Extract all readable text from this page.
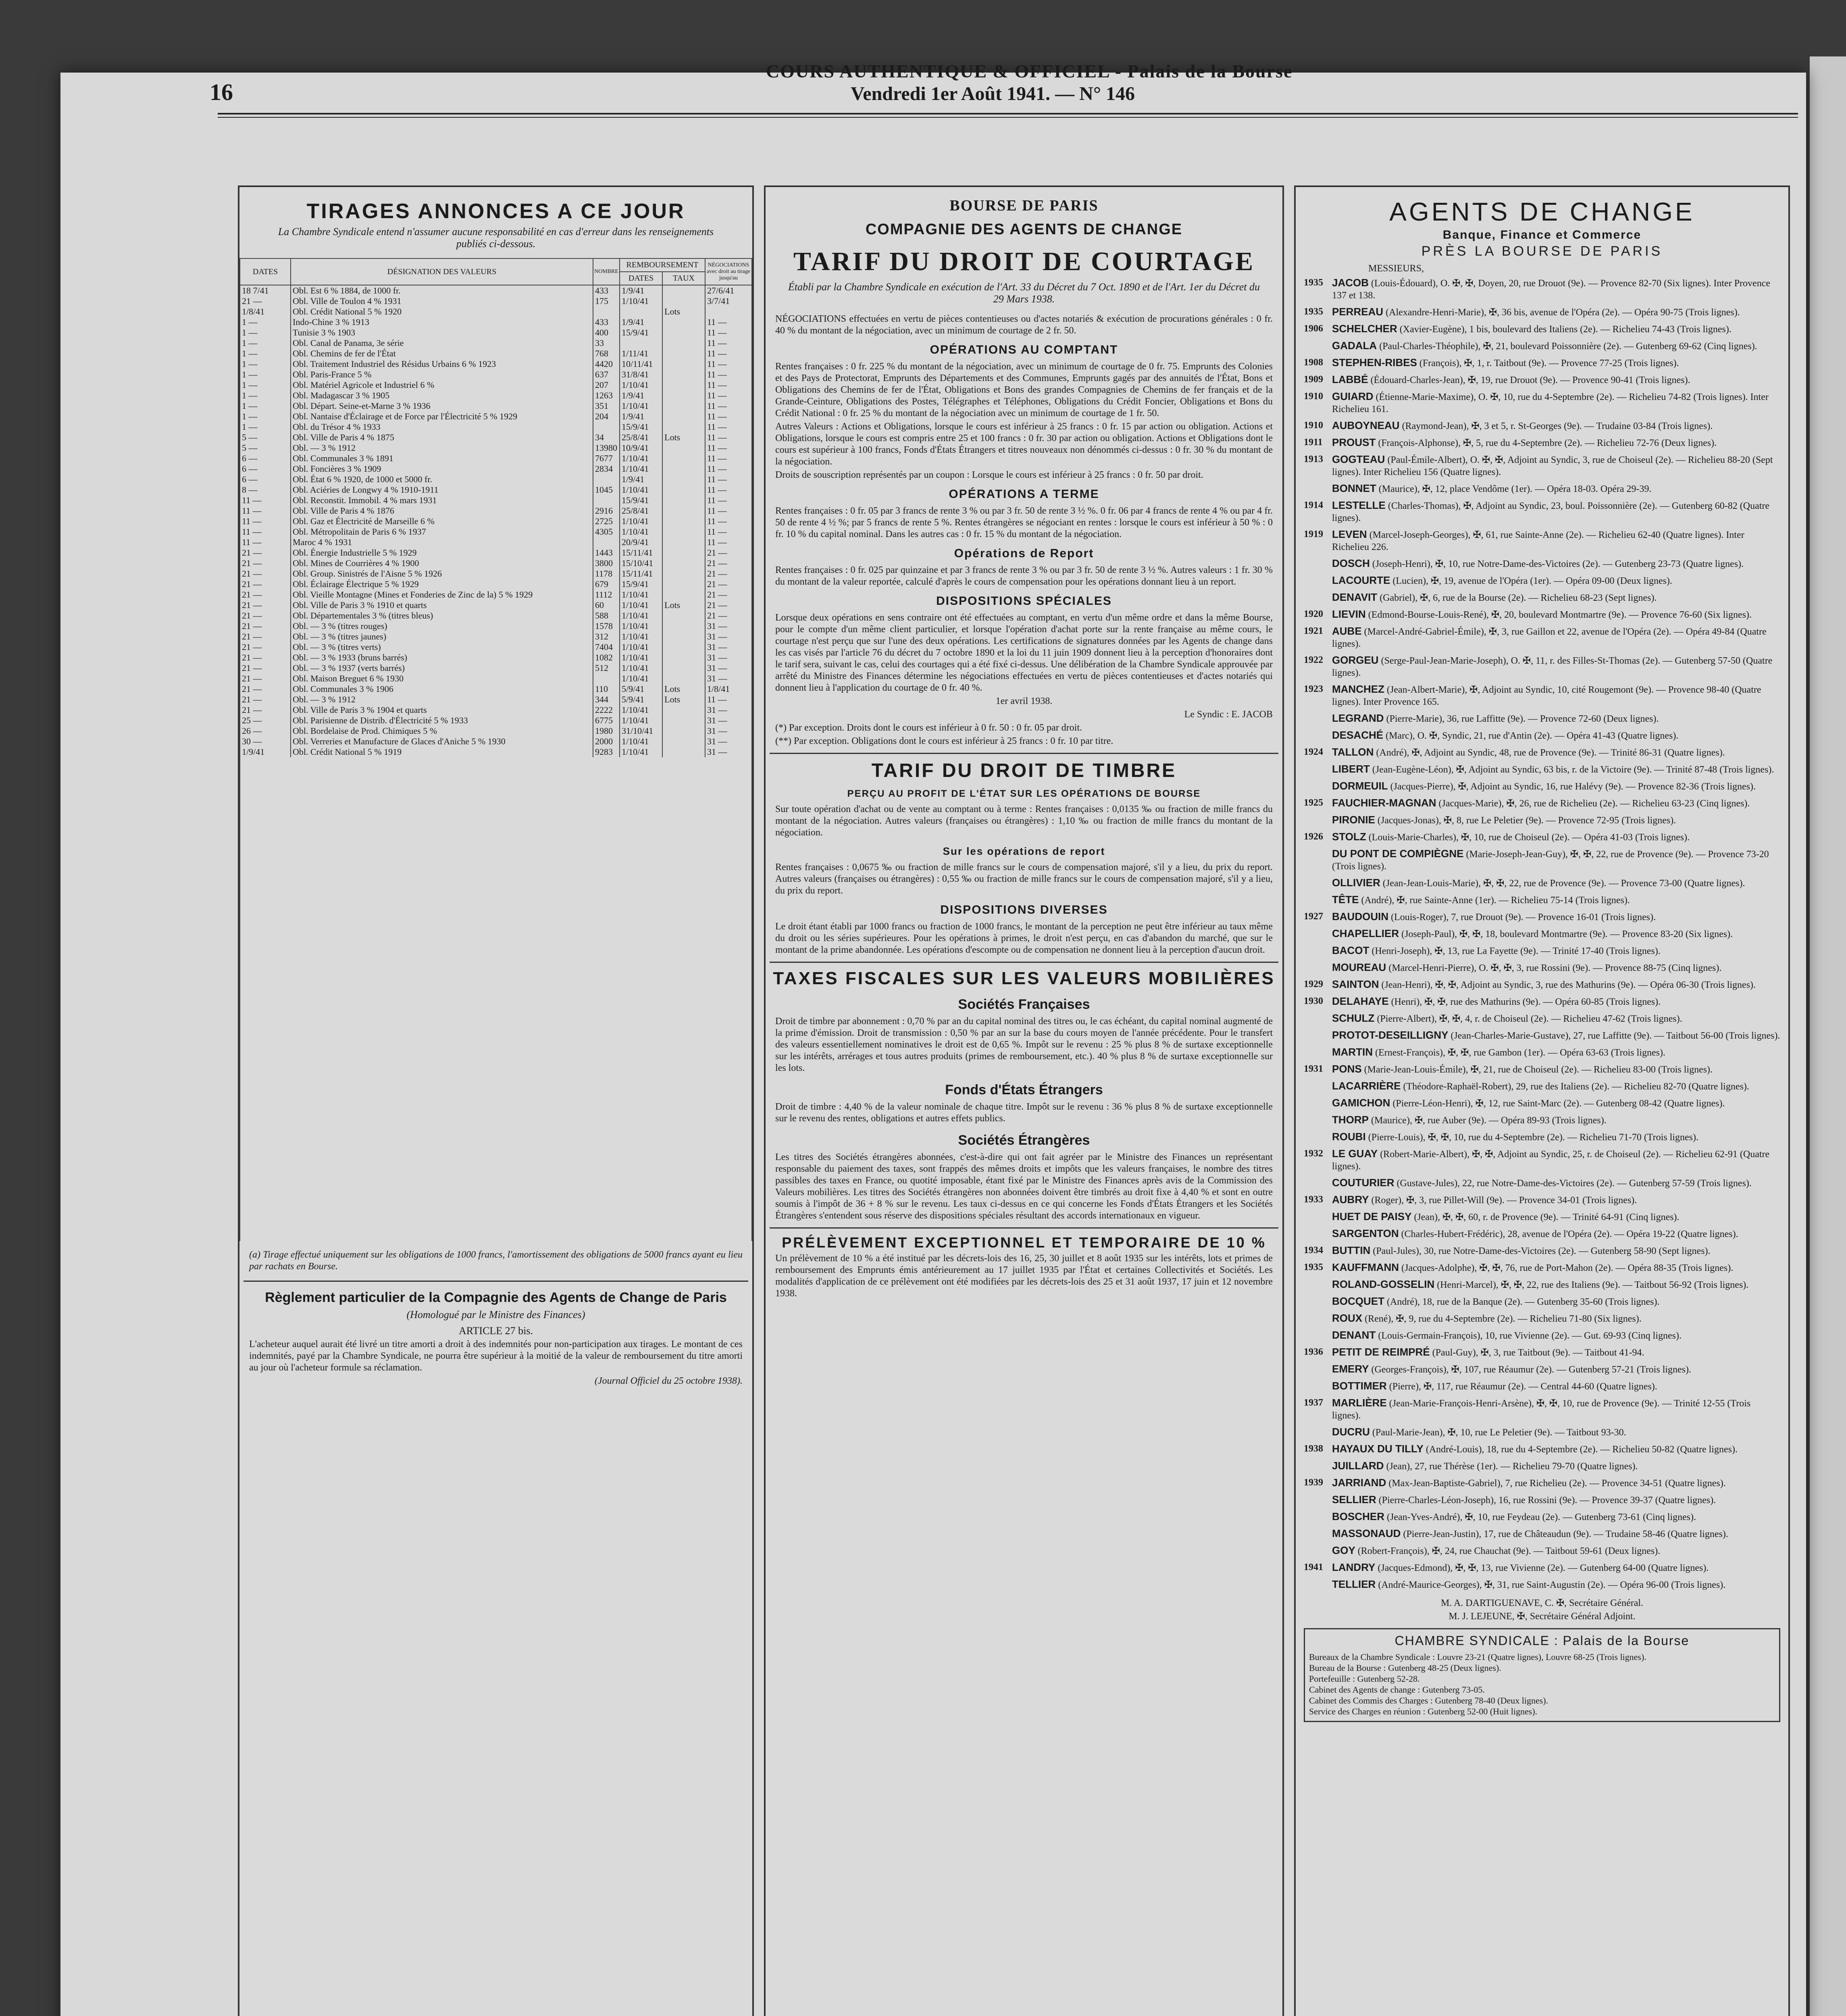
16
COURS AUTHENTIQUE & OFFICIEL - Palais de la Bourse
Vendredi 1er Août 1941. — N° 146
TIRAGES ANNONCES A CE JOUR
La Chambre Syndicale entend n'assumer aucune responsabilité en cas d'erreur dans les renseignements publiés ci-dessous.
DATES	DÉSIGNATION DES VALEURS	NOMBRE	REMBOURSEMENT		NÉGOCIATIONS avec droit au tirage jusqu'au
			DATES	TAUX	
18 7/41	Obl. Est 6 % 1884, de 1000 fr.	433	1/9/41		27/6/41
21 —	Obl. Ville de Toulon 4 % 1931	175	1/10/41		3/7/41
1/8/41	Obl. Crédit National 5 % 1920			Lots	
1 —	Indo-Chine 3 % 1913	433	1/9/41		11 —
1 —	Tunisie 3 % 1903	400	15/9/41		11 —
1 —	Obl. Canal de Panama, 3e série	33			11 —
1 —	Obl. Chemins de fer de l'État	768	1/11/41		11 —
1 —	Obl. Traitement Industriel des Résidus Urbains 6 % 1923	4420	10/11/41		11 —
1 —	Obl. Paris-France 5 %	637	31/8/41		11 —
1 —	Obl. Matériel Agricole et Industriel 6 %	207	1/10/41		11 —
1 —	Obl. Madagascar 3 % 1905	1263	1/9/41		11 —
1 —	Obl. Départ. Seine-et-Marne 3 % 1936	351	1/10/41		11 —
1 —	Obl. Nantaise d'Éclairage et de Force par l'Électricité 5 % 1929	204	1/9/41		11 —
1 —	Obl. du Trésor 4 % 1933		15/9/41		11 —
5 —	Obl. Ville de Paris 4 % 1875	34	25/8/41	Lots	11 —
5 —	Obl. — 3 % 1912	13980	10/9/41		11 —
6 —	Obl. Communales 3 % 1891	7677	1/10/41		11 —
6 —	Obl. Foncières 3 % 1909	2834	1/10/41		11 —
6 —	Obl. État 6 % 1920, de 1000 et 5000 fr.		1/9/41		11 —
8 —	Obl. Aciéries de Longwy 4 % 1910-1911	1045	1/10/41		11 —
11 —	Obl. Reconstit. Immobil. 4 % mars 1931		15/9/41		11 —
11 —	Obl. Ville de Paris 4 % 1876	2916	25/8/41		11 —
11 —	Obl. Gaz et Électricité de Marseille 6 %	2725	1/10/41		11 —
11 —	Obl. Métropolitain de Paris 6 % 1937	4305	1/10/41		11 —
11 —	Maroc 4 % 1931		20/9/41		11 —
21 —	Obl. Énergie Industrielle 5 % 1929	1443	15/11/41		21 —
21 —	Obl. Mines de Courrières 4 % 1900	3800	15/10/41		21 —
21 —	Obl. Group. Sinistrés de l'Aisne 5 % 1926	1178	15/11/41		21 —
21 —	Obl. Éclairage Électrique 5 % 1929	679	15/9/41		21 —
21 —	Obl. Vieille Montagne (Mines et Fonderies de Zinc de la) 5 % 1929	1112	1/10/41		21 —
21 —	Obl. Ville de Paris 3 % 1910 et quarts	60	1/10/41	Lots	21 —
21 —	Obl. Départementales 3 % (titres bleus)	588	1/10/41		21 —
21 —	Obl. — 3 % (titres rouges)	1578	1/10/41		31 —
21 —	Obl. — 3 % (titres jaunes)	312	1/10/41		31 —
21 —	Obl. — 3 % (titres verts)	7404	1/10/41		31 —
21 —	Obl. — 3 % 1933 (bruns barrés)	1082	1/10/41		31 —
21 —	Obl. — 3 % 1937 (verts barrés)	512	1/10/41		31 —
21 —	Obl. Maison Breguet 6 % 1930		1/10/41		31 —
21 —	Obl. Communales 3 % 1906	110	5/9/41	Lots	1/8/41
21 —	Obl. — 3 % 1912	344	5/9/41	Lots	11 —
21 —	Obl. Ville de Paris 3 % 1904 et quarts	2222	1/10/41		31 —
25 —	Obl. Parisienne de Distrib. d'Électricité 5 % 1933	6775	1/10/41		31 —
26 —	Obl. Bordelaise de Prod. Chimiques 5 %	1980	31/10/41		31 —
30 —	Obl. Verreries et Manufacture de Glaces d'Aniche 5 % 1930	2000	1/10/41		31 —
1/9/41	Obl. Crédit National 5 % 1919	9283	1/10/41		31 —
(a) Tirage effectué uniquement sur les obligations de 1000 francs, l'amortissement des obligations de 5000 francs ayant eu lieu par rachats en Bourse.
Règlement particulier de la Compagnie des Agents de Change de Paris
(Homologué par le Ministre des Finances)
ARTICLE 27 bis.
L'acheteur auquel aurait été livré un titre amorti a droit à des indemnités pour non-participation aux tirages. Le montant de ces indemnités, payé par la Chambre Syndicale, ne pourra être supérieur à la moitié de la valeur de remboursement du titre amorti au jour où l'acheteur formule sa réclamation.
(Journal Officiel du 25 octobre 1938).
BOURSE DE PARIS
COMPAGNIE DES AGENTS DE CHANGE
TARIF DU DROIT DE COURTAGE
Établi par la Chambre Syndicale en exécution de l'Art. 33 du Décret du 7 Oct. 1890 et de l'Art. 1er du Décret du 29 Mars 1938.
NÉGOCIATIONS effectuées en vertu de pièces contentieuses ou d'actes notariés & exécution de procurations générales : 0 fr. 40 % du montant de la négociation, avec un minimum de courtage de 2 fr. 50.
OPÉRATIONS AU COMPTANT
Rentes françaises : 0 fr. 225 % du montant de la négociation, avec un minimum de courtage de 0 fr. 75. Emprunts des Colonies et des Pays de Protectorat, Emprunts des Départements et des Communes, Emprunts gagés par des annuités de l'État, Bons et Obligations des Chemins de fer de l'État, Obligations et Bons des grandes Compagnies de Chemins de fer français et de la Grande-Ceinture, Obligations des Postes, Télégraphes et Téléphones, Obligations du Crédit Foncier, Obligations et Bons du Crédit National : 0 fr. 25 % du montant de la négociation avec un minimum de courtage de 1 fr. 50.
Autres Valeurs : Actions et Obligations, lorsque le cours est inférieur à 25 francs : 0 fr. 15 par action ou obligation. Actions et Obligations, lorsque le cours est compris entre 25 et 100 francs : 0 fr. 30 par action ou obligation. Actions et Obligations dont le cours est supérieur à 100 francs, Fonds d'États Étrangers et titres nouveaux non dénommés ci-dessus : 0 fr. 30 % du montant de la négociation.
Droits de souscription représentés par un coupon : Lorsque le cours est inférieur à 25 francs : 0 fr. 50 par droit.
OPÉRATIONS A TERME
Rentes françaises : 0 fr. 05 par 3 francs de rente 3 % ou par 3 fr. 50 de rente 3 ½ %. 0 fr. 06 par 4 francs de rente 4 % ou par 4 fr. 50 de rente 4 ½ %; par 5 francs de rente 5 %. Rentes étrangères se négociant en rentes : lorsque le cours est inférieur à 50 % : 0 fr. 10 % du capital nominal. Dans les autres cas : 0 fr. 15 % du montant de la négociation.
Opérations de Report
Rentes françaises : 0 fr. 025 par quinzaine et par 3 francs de rente 3 % ou par 3 fr. 50 de rente 3 ½ %. Autres valeurs : 1 fr. 30 % du montant de la valeur reportée, calculé d'après le cours de compensation pour les opérations donnant lieu à un report.
DISPOSITIONS SPÉCIALES
Lorsque deux opérations en sens contraire ont été effectuées au comptant, en vertu d'un même ordre et dans la même Bourse, pour le compte d'un même client particulier, et lorsque l'opération d'achat porte sur la rente française au même cours, le courtage n'est perçu que sur l'une des deux opérations. Les certifications de signatures données par les Agents de change dans les cas visés par l'article 76 du décret du 7 octobre 1890 et la loi du 11 juin 1909 donnent lieu à la perception d'honoraires dont le tarif sera, suivant le cas, celui des courtages qui a été fixé ci-dessus. Une délibération de la Chambre Syndicale approuvée par arrêté du Ministre des Finances détermine les négociations effectuées en vertu de pièces contentieuses et d'actes notariés qui donnent lieu à l'application du courtage de 0 fr. 40 %.
1er avril 1938.
Le Syndic : E. JACOB
(*) Par exception. Droits dont le cours est inférieur à 0 fr. 50 : 0 fr. 05 par droit.
(**) Par exception. Obligations dont le cours est inférieur à 25 francs : 0 fr. 10 par titre.
TARIF DU DROIT DE TIMBRE
PERÇU AU PROFIT DE L'ÉTAT SUR LES OPÉRATIONS DE BOURSE
Sur toute opération d'achat ou de vente au comptant ou à terme : Rentes françaises : 0,0135 ‰ ou fraction de mille francs du montant de la négociation. Autres valeurs (françaises ou étrangères) : 1,10 ‰ ou fraction de mille francs du montant de la négociation.
Sur les opérations de report
Rentes françaises : 0,0675 ‰ ou fraction de mille francs sur le cours de compensation majoré, s'il y a lieu, du prix du report. Autres valeurs (françaises ou étrangères) : 0,55 ‰ ou fraction de mille francs sur le cours de compensation majoré, s'il y a lieu, du prix du report.
DISPOSITIONS DIVERSES
Le droit étant établi par 1000 francs ou fraction de 1000 francs, le montant de la perception ne peut être inférieur au taux même du droit ou les séries supérieures. Pour les opérations à primes, le droit n'est perçu, en cas d'abandon du marché, que sur le montant de la prime abandonnée. Les opérations d'escompte ou de compensation ne donnent lieu à la perception d'aucun droit.
TAXES FISCALES SUR LES VALEURS MOBILIÈRES
Sociétés Françaises
Droit de timbre par abonnement : 0,70 % par an du capital nominal des titres ou, le cas échéant, du capital nominal augmenté de la prime d'émission. Droit de transmission : 0,50 % par an sur la base du cours moyen de l'année précédente. Pour le transfert des valeurs essentiellement nominatives le droit est de 0,65 %. Impôt sur le revenu : 25 % plus 8 % de surtaxe exceptionnelle sur les intérêts, arrérages et tous autres produits (primes de remboursement, etc.). 40 % plus 8 % de surtaxe exceptionnelle sur les lots.
Fonds d'États Étrangers
Droit de timbre : 4,40 % de la valeur nominale de chaque titre. Impôt sur le revenu : 36 % plus 8 % de surtaxe exceptionnelle sur le revenu des rentes, obligations et autres effets publics.
Sociétés Étrangères
Les titres des Sociétés étrangères abonnées, c'est-à-dire qui ont fait agréer par le Ministre des Finances un représentant responsable du paiement des taxes, sont frappés des mêmes droits et impôts que les valeurs françaises, le nombre des titres passibles des taxes en France, ou quotité imposable, étant fixé par le Ministre des Finances après avis de la Commission des Valeurs mobilières. Les titres des Sociétés étrangères non abonnées doivent être timbrés au droit fixe à 4,40 % et sont en outre soumis à l'impôt de 36 + 8 % sur le revenu. Les taux ci-dessus en ce qui concerne les Fonds d'États Étrangers et les Sociétés Étrangères s'entendent sous réserve des dispositions spéciales résultant des accords internationaux en vigueur.
PRÉLÈVEMENT EXCEPTIONNEL ET TEMPORAIRE DE 10 %
Un prélèvement de 10 % a été institué par les décrets-lois des 16, 25, 30 juillet et 8 août 1935 sur les intérêts, lots et primes de remboursement des Emprunts émis antérieurement au 17 juillet 1935 par l'État et certaines Collectivités et Sociétés. Les modalités d'application de ce prélèvement ont été modifiées par les décrets-lois des 25 et 31 août 1937, 17 juin et 12 novembre 1938.
AGENTS DE CHANGE
Banque, Finance et Commerce
PRÈS LA BOURSE DE PARIS
MESSIEURS,
1935 JACOB (Louis-Édouard), O. ✠, ✠, Doyen, 20, rue Drouot (9e). — Provence 82-70 (Six lignes). Inter Provence 137 et 138.
1935 PERREAU (Alexandre-Henri-Marie), ✠, 36 bis, avenue de l'Opéra (2e). — Opéra 90-75 (Trois lignes).
1906 SCHELCHER (Xavier-Eugène), 1 bis, boulevard des Italiens (2e). — Richelieu 74-43 (Trois lignes).
GADALA (Paul-Charles-Théophile), ✠, 21, boulevard Poissonnière (2e). — Gutenberg 69-62 (Cinq lignes).
1908 STEPHEN-RIBES (François), ✠, 1, r. Taitbout (9e). — Provence 77-25 (Trois lignes).
1909 LABBÉ (Édouard-Charles-Jean), ✠, 19, rue Drouot (9e). — Provence 90-41 (Trois lignes).
1910 GUIARD (Étienne-Marie-Maxime), O. ✠, 10, rue du 4-Septembre (2e). — Richelieu 74-82 (Trois lignes). Inter Richelieu 161.
1910 AUBOYNEAU (Raymond-Jean), ✠, 3 et 5, r. St-Georges (9e). — Trudaine 03-84 (Trois lignes).
1911 PROUST (François-Alphonse), ✠, 5, rue du 4-Septembre (2e). — Richelieu 72-76 (Deux lignes).
1913 GOGTEAU (Paul-Émile-Albert), O. ✠, ✠, Adjoint au Syndic, 3, rue de Choiseul (2e). — Richelieu 88-20 (Sept lignes). Inter Richelieu 156 (Quatre lignes).
BONNET (Maurice), ✠, 12, place Vendôme (1er). — Opéra 18-03. Opéra 29-39.
1914 LESTELLE (Charles-Thomas), ✠, Adjoint au Syndic, 23, boul. Poissonnière (2e). — Gutenberg 60-82 (Quatre lignes).
1919 LEVEN (Marcel-Joseph-Georges), ✠, 61, rue Sainte-Anne (2e). — Richelieu 62-40 (Quatre lignes). Inter Richelieu 226.
DOSCH (Joseph-Henri), ✠, 10, rue Notre-Dame-des-Victoires (2e). — Gutenberg 23-73 (Quatre lignes).
LACOURTE (Lucien), ✠, 19, avenue de l'Opéra (1er). — Opéra 09-00 (Deux lignes).
DENAVIT (Gabriel), ✠, 6, rue de la Bourse (2e). — Richelieu 68-23 (Sept lignes).
1920 LIEVIN (Edmond-Bourse-Louis-René), ✠, 20, boulevard Montmartre (9e). — Provence 76-60 (Six lignes).
1921 AUBE (Marcel-André-Gabriel-Émile), ✠, 3, rue Gaillon et 22, avenue de l'Opéra (2e). — Opéra 49-84 (Quatre lignes).
1922 GORGEU (Serge-Paul-Jean-Marie-Joseph), O. ✠, 11, r. des Filles-St-Thomas (2e). — Gutenberg 57-50 (Quatre lignes).
1923 MANCHEZ (Jean-Albert-Marie), ✠, Adjoint au Syndic, 10, cité Rougemont (9e). — Provence 98-40 (Quatre lignes). Inter Provence 165.
LEGRAND (Pierre-Marie), 36, rue Laffitte (9e). — Provence 72-60 (Deux lignes).
DESACHÉ (Marc), O. ✠, Syndic, 21, rue d'Antin (2e). — Opéra 41-43 (Quatre lignes).
1924 TALLON (André), ✠, Adjoint au Syndic, 48, rue de Provence (9e). — Trinité 86-31 (Quatre lignes).
LIBERT (Jean-Eugène-Léon), ✠, Adjoint au Syndic, 63 bis, r. de la Victoire (9e). — Trinité 87-48 (Trois lignes).
DORMEUIL (Jacques-Pierre), ✠, Adjoint au Syndic, 16, rue Halévy (9e). — Provence 82-36 (Trois lignes).
1925 FAUCHIER-MAGNAN (Jacques-Marie), ✠, 26, rue de Richelieu (2e). — Richelieu 63-23 (Cinq lignes).
PIRONIE (Jacques-Jonas), ✠, 8, rue Le Peletier (9e). — Provence 72-95 (Trois lignes).
1926 STOLZ (Louis-Marie-Charles), ✠, 10, rue de Choiseul (2e). — Opéra 41-03 (Trois lignes).
DU PONT DE COMPIÈGNE (Marie-Joseph-Jean-Guy), ✠, ✠, 22, rue de Provence (9e). — Provence 73-20 (Trois lignes).
OLLIVIER (Jean-Jean-Louis-Marie), ✠, ✠, 22, rue de Provence (9e). — Provence 73-00 (Quatre lignes).
TÊTE (André), ✠, rue Sainte-Anne (1er). — Richelieu 75-14 (Trois lignes).
1927 BAUDOUIN (Louis-Roger), 7, rue Drouot (9e). — Provence 16-01 (Trois lignes).
CHAPELLIER (Joseph-Paul), ✠, ✠, 18, boulevard Montmartre (9e). — Provence 83-20 (Six lignes).
BACOT (Henri-Joseph), ✠, 13, rue La Fayette (9e). — Trinité 17-40 (Trois lignes).
MOUREAU (Marcel-Henri-Pierre), O. ✠, ✠, 3, rue Rossini (9e). — Provence 88-75 (Cinq lignes).
1929 SAINTON (Jean-Henri), ✠, ✠, Adjoint au Syndic, 3, rue des Mathurins (9e). — Opéra 06-30 (Trois lignes).
1930 DELAHAYE (Henri), ✠, ✠, rue des Mathurins (9e). — Opéra 60-85 (Trois lignes).
SCHULZ (Pierre-Albert), ✠, ✠, 4, r. de Choiseul (2e). — Richelieu 47-62 (Trois lignes).
PROTOT-DESEILLIGNY (Jean-Charles-Marie-Gustave), 27, rue Laffitte (9e). — Taitbout 56-00 (Trois lignes).
MARTIN (Ernest-François), ✠, ✠, rue Gambon (1er). — Opéra 63-63 (Trois lignes).
1931 PONS (Marie-Jean-Louis-Émile), ✠, 21, rue de Choiseul (2e). — Richelieu 83-00 (Trois lignes).
LACARRIÈRE (Théodore-Raphaël-Robert), 29, rue des Italiens (2e). — Richelieu 82-70 (Quatre lignes).
GAMICHON (Pierre-Léon-Henri), ✠, 12, rue Saint-Marc (2e). — Gutenberg 08-42 (Quatre lignes).
THORP (Maurice), ✠, rue Auber (9e). — Opéra 89-93 (Trois lignes).
ROUBI (Pierre-Louis), ✠, ✠, 10, rue du 4-Septembre (2e). — Richelieu 71-70 (Trois lignes).
1932 LE GUAY (Robert-Marie-Albert), ✠, ✠, Adjoint au Syndic, 25, r. de Choiseul (2e). — Richelieu 62-91 (Quatre lignes).
COUTURIER (Gustave-Jules), 22, rue Notre-Dame-des-Victoires (2e). — Gutenberg 57-59 (Trois lignes).
1933 AUBRY (Roger), ✠, 3, rue Pillet-Will (9e). — Provence 34-01 (Trois lignes).
HUET DE PAISY (Jean), ✠, ✠, 60, r. de Provence (9e). — Trinité 64-91 (Cinq lignes).
SARGENTON (Charles-Hubert-Frédéric), 28, avenue de l'Opéra (2e). — Opéra 19-22 (Quatre lignes).
1934 BUTTIN (Paul-Jules), 30, rue Notre-Dame-des-Victoires (2e). — Gutenberg 58-90 (Sept lignes).
1935 KAUFFMANN (Jacques-Adolphe), ✠, ✠, 76, rue de Port-Mahon (2e). — Opéra 88-35 (Trois lignes).
ROLAND-GOSSELIN (Henri-Marcel), ✠, ✠, 22, rue des Italiens (9e). — Taitbout 56-92 (Trois lignes).
BOCQUET (André), 18, rue de la Banque (2e). — Gutenberg 35-60 (Trois lignes).
ROUX (René), ✠, 9, rue du 4-Septembre (2e). — Richelieu 71-80 (Six lignes).
DENANT (Louis-Germain-François), 10, rue Vivienne (2e). — Gut. 69-93 (Cinq lignes).
1936 PETIT DE REIMPRÉ (Paul-Guy), ✠, 3, rue Taitbout (9e). — Taitbout 41-94.
EMERY (Georges-François), ✠, 107, rue Réaumur (2e). — Gutenberg 57-21 (Trois lignes).
BOTTIMER (Pierre), ✠, 117, rue Réaumur (2e). — Central 44-60 (Quatre lignes).
1937 MARLIÈRE (Jean-Marie-François-Henri-Arsène), ✠, ✠, 10, rue de Provence (9e). — Trinité 12-55 (Trois lignes).
DUCRU (Paul-Marie-Jean), ✠, 10, rue Le Peletier (9e). — Taitbout 93-30.
1938 HAYAUX DU TILLY (André-Louis), 18, rue du 4-Septembre (2e). — Richelieu 50-82 (Quatre lignes).
JUILLARD (Jean), 27, rue Thérèse (1er). — Richelieu 79-70 (Quatre lignes).
1939 JARRIAND (Max-Jean-Baptiste-Gabriel), 7, rue Richelieu (2e). — Provence 34-51 (Quatre lignes).
SELLIER (Pierre-Charles-Léon-Joseph), 16, rue Rossini (9e). — Provence 39-37 (Quatre lignes).
BOSCHER (Jean-Yves-André), ✠, 10, rue Feydeau (2e). — Gutenberg 73-61 (Cinq lignes).
MASSONAUD (Pierre-Jean-Justin), 17, rue de Châteaudun (9e). — Trudaine 58-46 (Quatre lignes).
GOY (Robert-François), ✠, 24, rue Chauchat (9e). — Taitbout 59-61 (Deux lignes).
1941 LANDRY (Jacques-Edmond), ✠, ✠, 13, rue Vivienne (2e). — Gutenberg 64-00 (Quatre lignes).
TELLIER (André-Maurice-Georges), ✠, 31, rue Saint-Augustin (2e). — Opéra 96-00 (Trois lignes).
M. A. DARTIGUENAVE, C. ✠, Secrétaire Général.
M. J. LEJEUNE, ✠, Secrétaire Général Adjoint.
CHAMBRE SYNDICALE : Palais de la Bourse
Bureaux de la Chambre Syndicale : Louvre 23-21 (Quatre lignes), Louvre 68-25 (Trois lignes).
Bureau de la Bourse : Gutenberg 48-25 (Deux lignes).
Portefeuille : Gutenberg 52-28.
Cabinet des Agents de change : Gutenberg 73-05.
Cabinet des Commis des Charges : Gutenberg 78-40 (Deux lignes).
Service des Charges en réunion : Gutenberg 52-00 (Huit lignes).
